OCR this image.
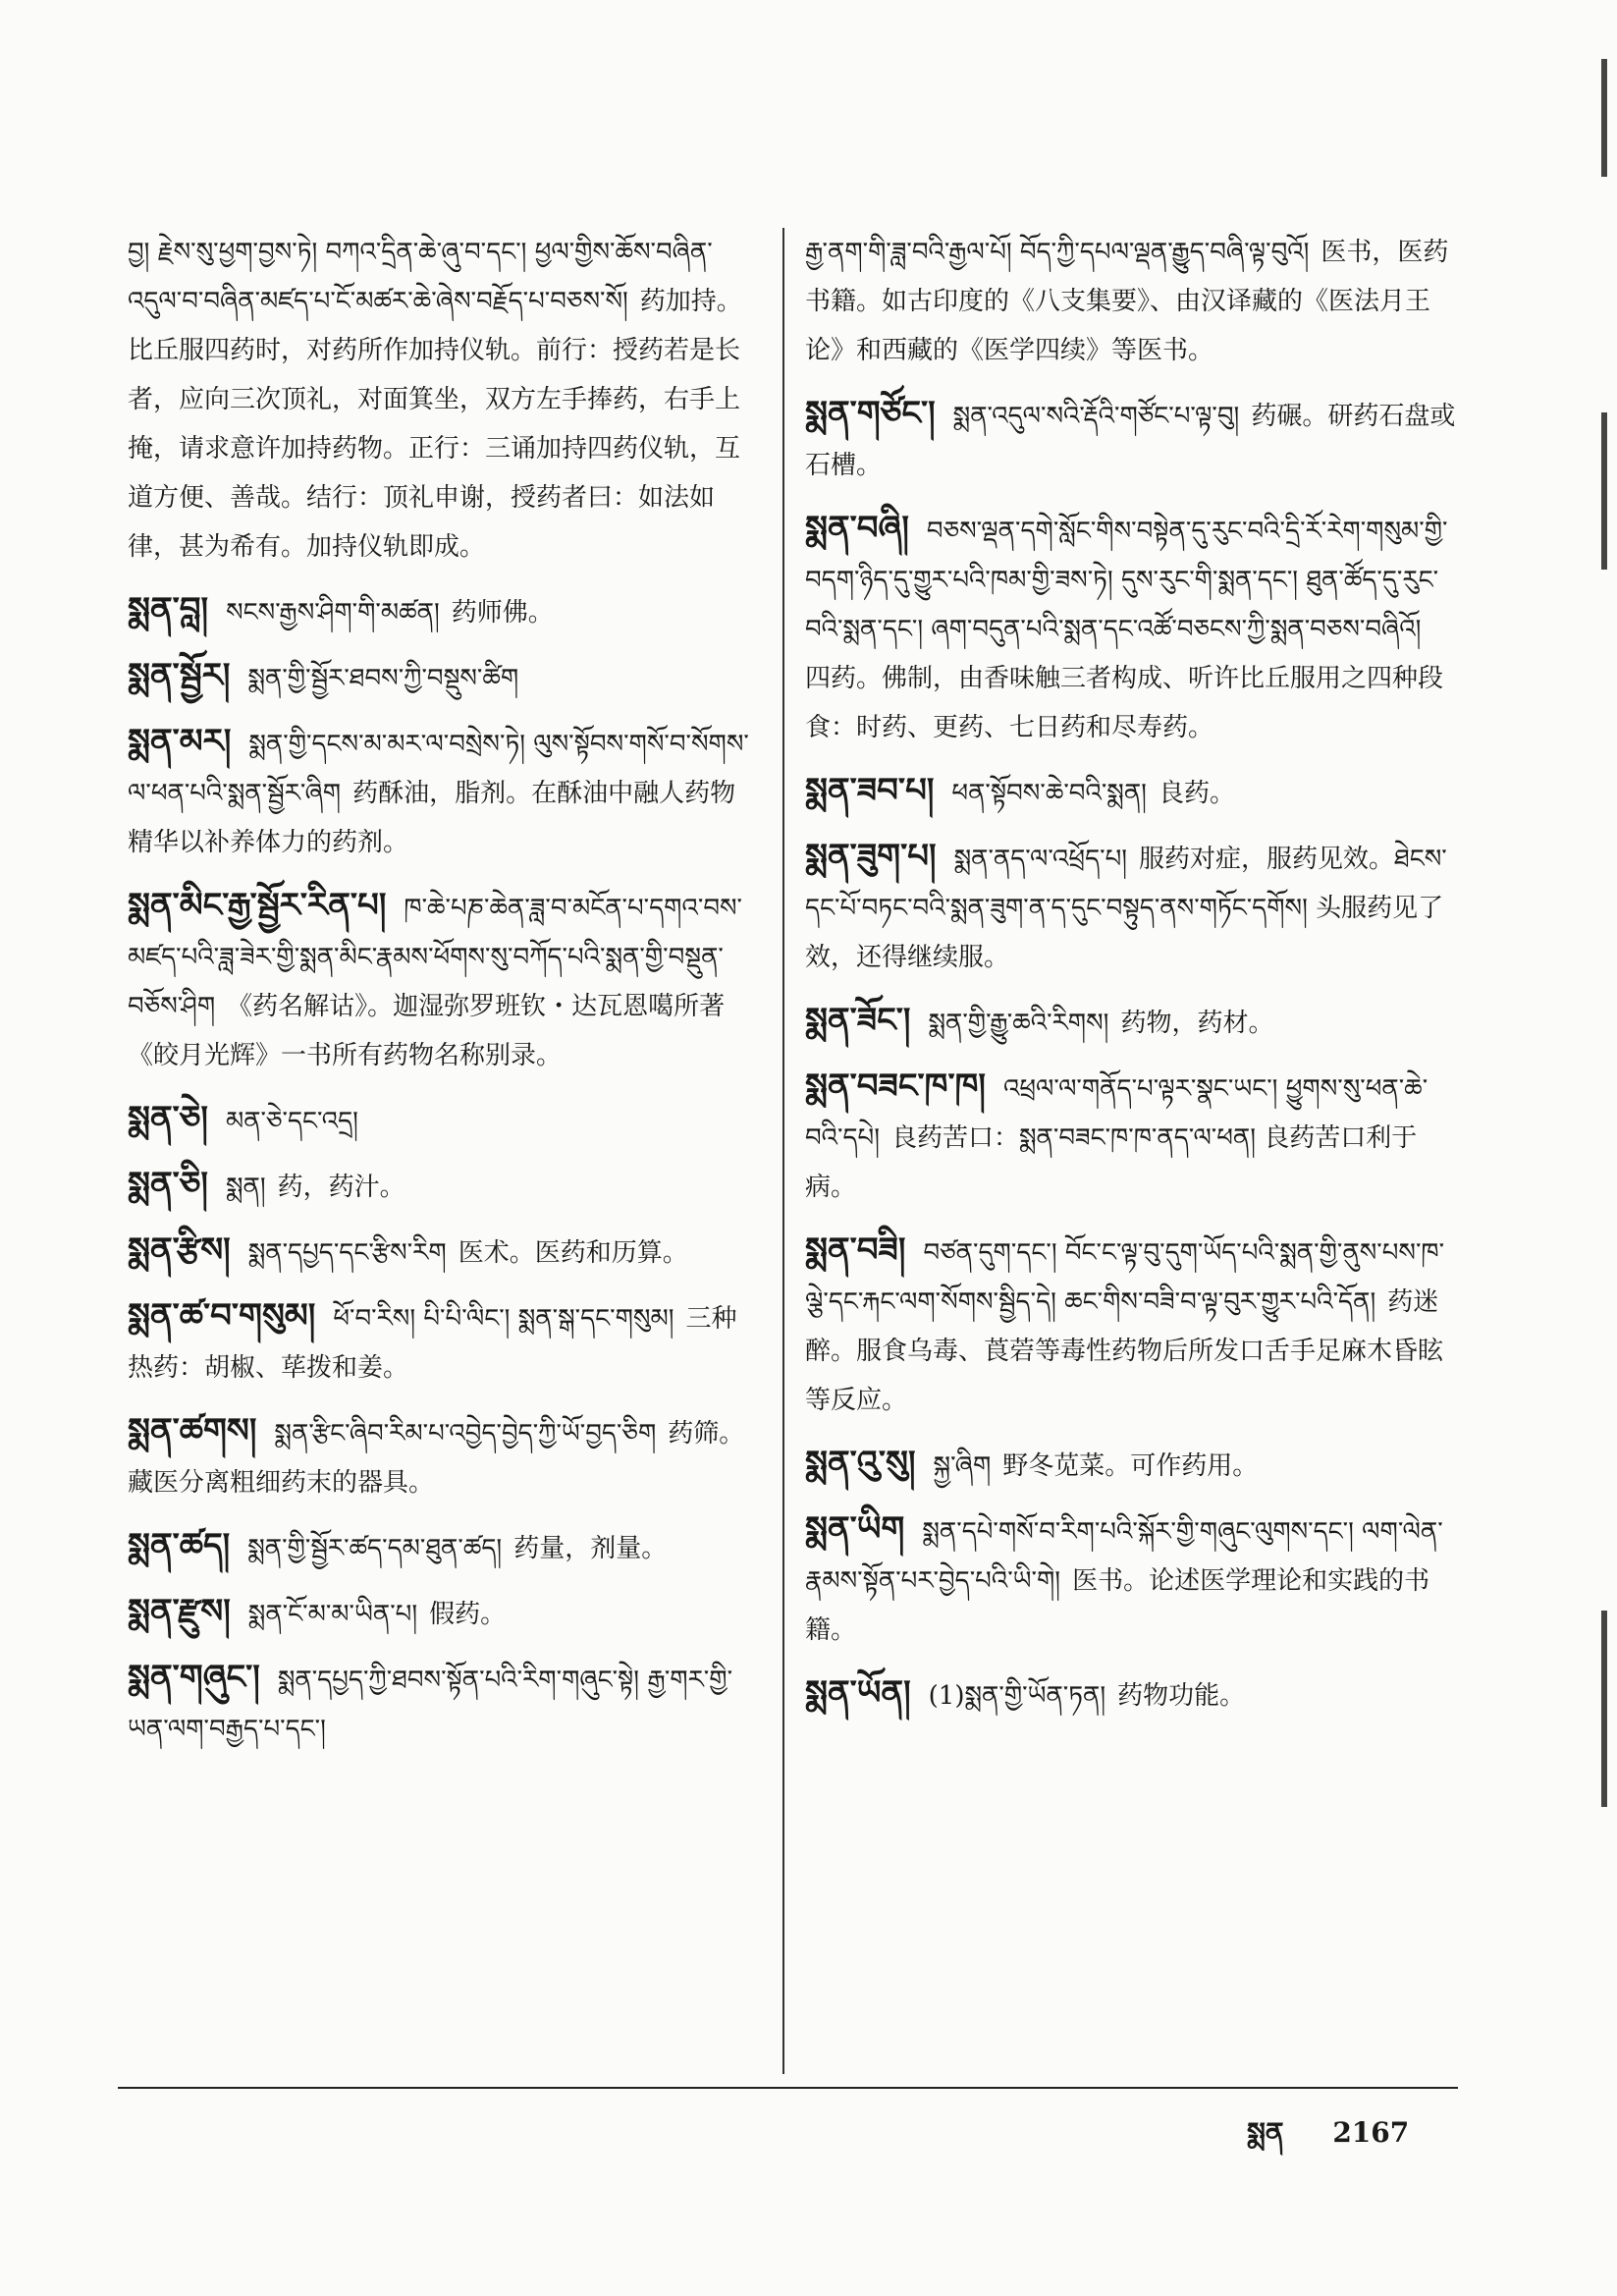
བྱ། རྗེས་སུ་ཕྱག་བྱས་ཏེ། བཀའ་དྲིན་ཆེ་ཞུ་བ་དང་། ཕྱལ་གྱིས་ཆོས་བཞིན་འདུལ་བ་བཞིན་མཛད་པ་ངོ་མཚར་ཆེ་ཞེས་བརྗོད་པ་བཅས་སོ། 药加持。比丘服四药时，对药所作加持仪轨。前行：授药若是长者，应向三次顶礼，对面箕坐，双方左手捧药，右手上掩，请求意许加持药物。正行：三诵加持四药仪轨，互道方便、善哉。结行：顶礼申谢，授药者曰：如法如律，甚为希有。加持仪轨即成。
སྨན་བླ། སངས་རྒྱས་ཤིག་གི་མཚན། 药师佛。
སྨན་སྦྱོར། སྨན་གྱི་སྦྱོར་ཐབས་ཀྱི་བསྡུས་ཚིག
སྨན་མར། སྨན་གྱི་དངས་མ་མར་ལ་བསྲེས་ཏེ། ལུས་སྟོབས་གསོ་བ་སོགས་ལ་ཕན་པའི་སྨན་སྦྱོར་ཞིག 药酥油，脂剂。在酥油中融人药物精华以补养体力的药剂。
སྨན་མིང་རྒྱ་སྦྱོར་རིན་པ། ཁ་ཆེ་པཎ་ཆེན་ཟླ་བ་མངོན་པ་དགའ་བས་མཛད་པའི་ཟླ་ཟེར་གྱི་སྨན་མིང་རྣམས་ཕོགས་སུ་བཀོད་པའི་སྨན་གྱི་བསྡུན་བཅོས་ཤིག 《药名解诂》。迦湿弥罗班钦・达瓦恩噶所著《皎月光辉》一书所有药物名称别录。
སྨན་ཅེ། མན་ཅེ་དང་འདྲ།
སྨན་ཅི། སྨན། 药，药汁。
སྨན་རྩིས། སྨན་དཔྱད་དང་རྩིས་རིག 医术。医药和历算。
སྨན་ཚ་བ་གསུམ། ཕོ་བ་རིས། པི་པི་ལིང་། སྨན་སྒ་དང་གསུམ། 三种热药：胡椒、荜拨和姜。
སྨན་ཚགས། སྨན་རྩིང་ཞིབ་རིམ་པ་འབྱེད་བྱེད་ཀྱི་ཡོ་བྱད་ཅིག 药筛。藏医分离粗细药末的器具。
སྨན་ཚད། སྨན་གྱི་སྦྱོར་ཚད་དམ་ཐུན་ཚད། 药量，剂量。
སྨན་རྫུས། སྨན་ངོ་མ་མ་ཡིན་པ། 假药。
སྨན་གཞུང་། སྨན་དཔྱད་ཀྱི་ཐབས་སྟོན་པའི་རིག་གཞུང་སྟེ། རྒྱ་གར་གྱི་ཡན་ལག་བརྒྱད་པ་དང་།
རྒྱ་ནག་གི་ཟླ་བའི་རྒྱལ་པོ། བོད་ཀྱི་དཔལ་ལྡན་རྒྱུད་བཞི་ལྟ་བུའོ། 医书，医药书籍。如古印度的《八支集要》、由汉译藏的《医法月王论》和西藏的《医学四续》等医书。
སྨན་གཙོང་། སྨན་འདུལ་སའི་རྡོའི་གཙོང་པ་ལྟ་བུ། 药碾。研药石盘或石槽。
སྨན་བཞི། བཅས་ལྡན་དགེ་སློང་གིས་བསྟེན་དུ་རུང་བའི་དྲི་རོ་རེག་གསུམ་གྱི་བདག་ཉིད་དུ་གྱུར་པའི་ཁམ་གྱི་ཟས་ཏེ། དུས་རུང་གི་སྨན་དང་། ཐུན་ཚོད་དུ་རུང་བའི་སྨན་དང་། ཞག་བདུན་པའི་སྨན་དང་འཚོ་བཅངས་ཀྱི་སྨན་བཅས་བཞིའོ།四药。佛制，由香味触三者构成、听许比丘服用之四种段食：时药、更药、七日药和尽寿药。
སྨན་ཟབ་པ། ཕན་སྟོབས་ཆེ་བའི་སྨན། 良药。
སྨན་ཟུག་པ། སྨན་ནད་ལ་འཕྲོད་པ། 服药对症，服药见效。ཐེངས་དང་པོ་བཏང་བའི་སྨན་ཟུག་ན་ད་དུང་བསྟུད་ནས་གཏོང་དགོས། 头服药见了效，还得继续服。
སྨན་ཟོང་། སྨན་གྱི་རྒྱུ་ཆའི་རིགས། 药物，药材。
སྨན་བཟང་ཁ་ཁ། འཕྲལ་ལ་གནོད་པ་ལྟར་སྣང་ཡང་། ཕྱུགས་སུ་ཕན་ཆེ་བའི་དཔེ། 良药苦口：སྨན་བཟང་ཁ་ཁ་ནད་ལ་ཕན། 良药苦口利于病。
སྨན་བཟི། བཙན་དུག་དང་། བོང་ང་ལྟ་བུ་དུག་ཡོད་པའི་སྨན་གྱི་ནུས་པས་ཁ་ལྕེ་དང་རྐང་ལག་སོགས་སྦྱིད་དེ། ཆང་གིས་བཟི་བ་ལྟ་བུར་གྱུར་པའི་དོན། 药迷醉。服食乌毒、莨菪等毒性药物后所发口舌手足麻木昏眩等反应。
སྨན་འུ་སུ། སྐྱ་ཞིག 野冬苋菜。可作药用。
སྨན་ཡིག སྨན་དཔེ་གསོ་བ་རིག་པའི་སྐོར་གྱི་གཞུང་ལུགས་དང་། ལག་ལེན་རྣམས་སྟོན་པར་བྱེད་པའི་ཡི་གེ། 医书。论述医学理论和实践的书籍。
སྨན་ཡོན། (1)སྨན་གྱི་ཡོན་ཏན། 药物功能。
སྨན 2167
